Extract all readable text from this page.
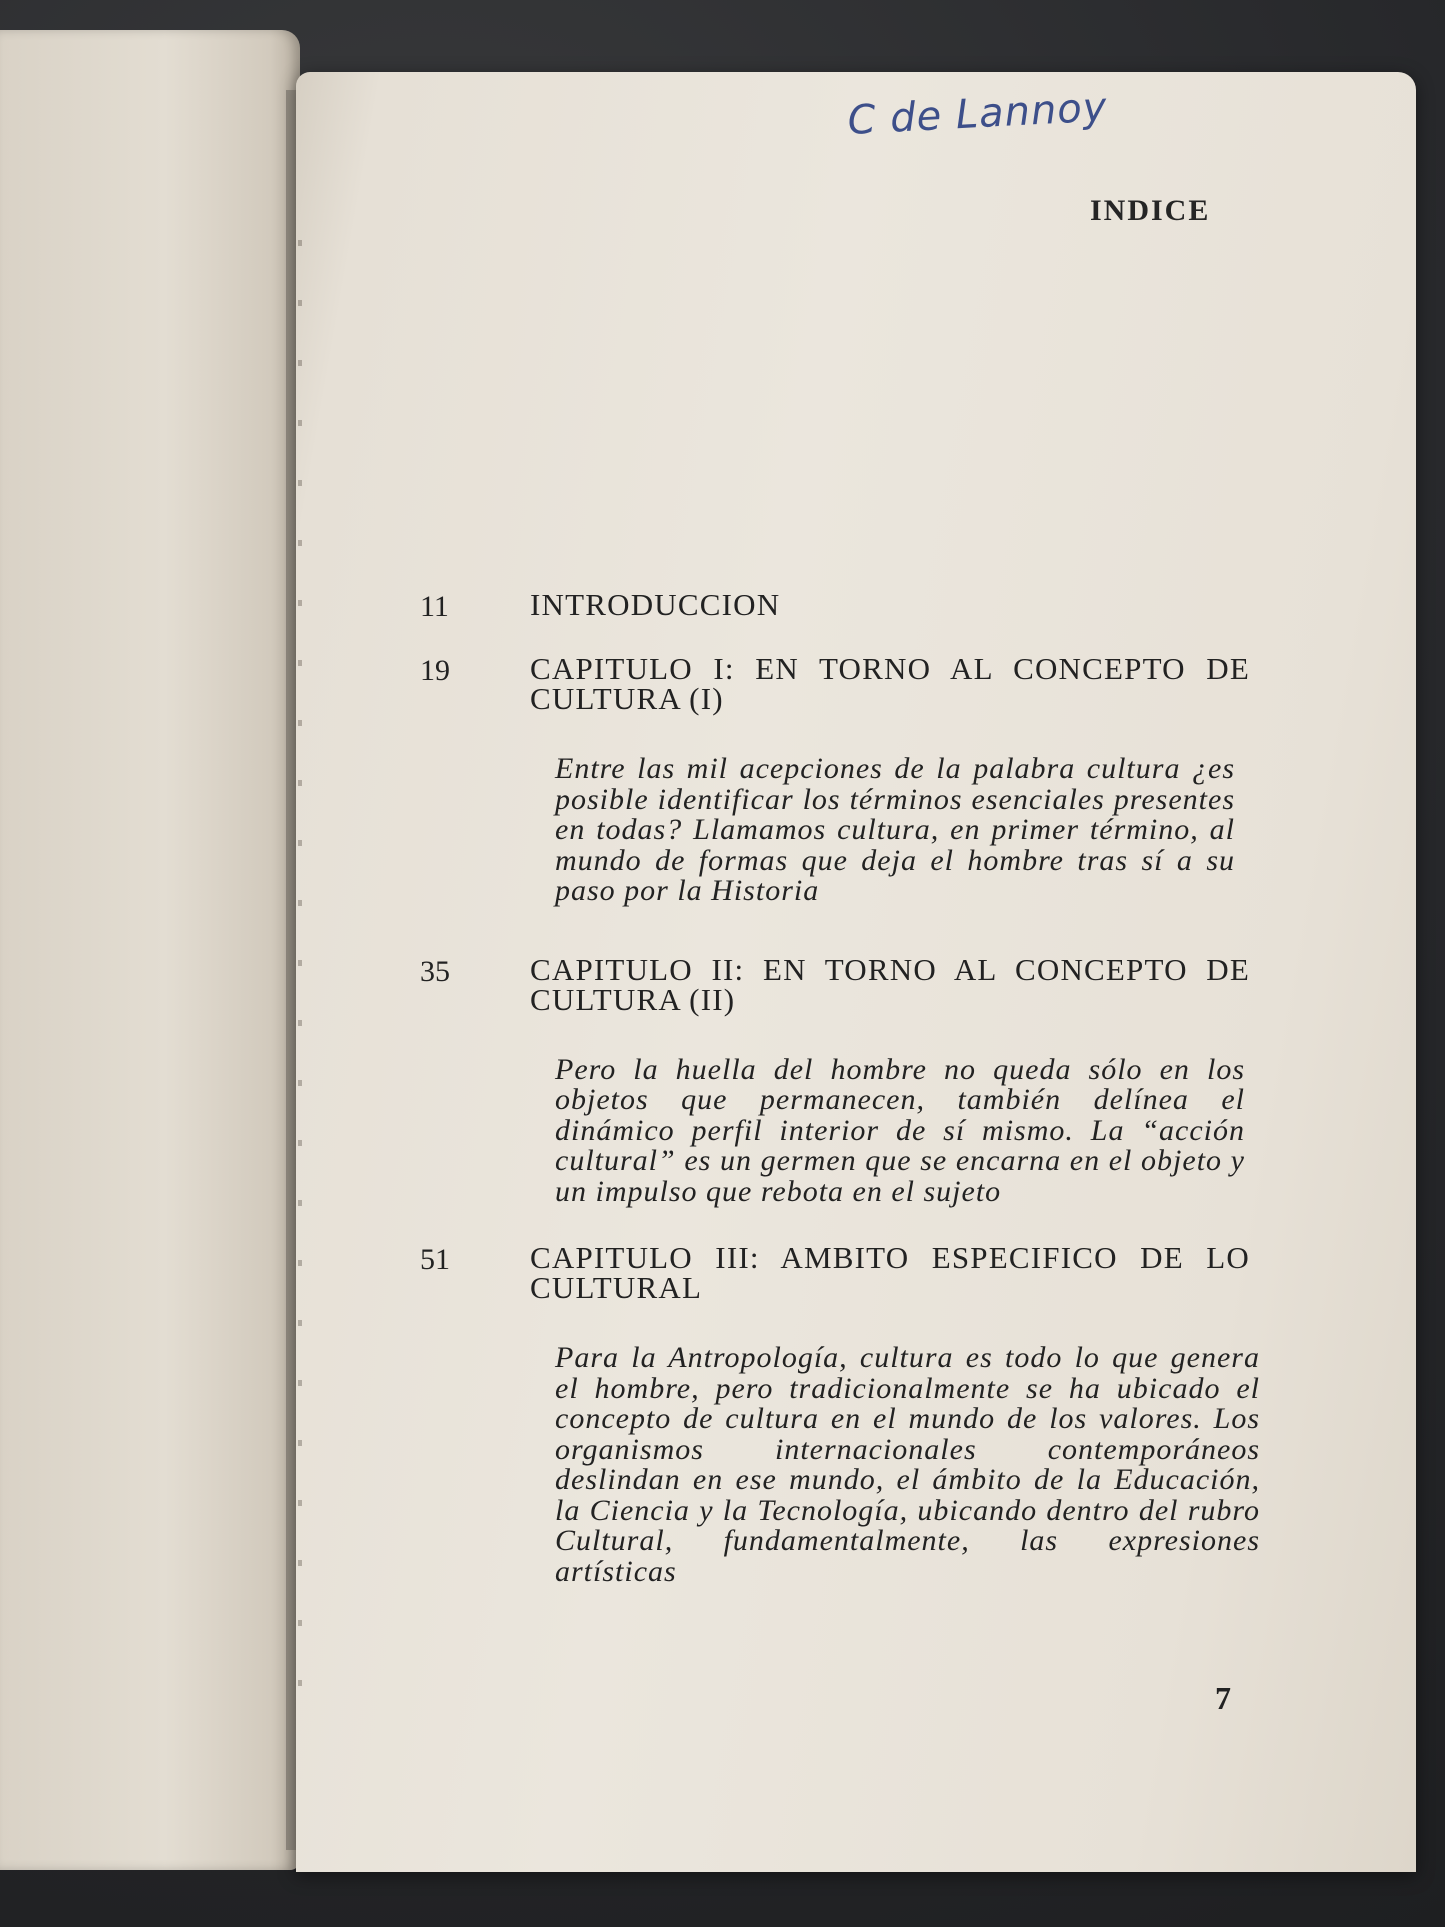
C de Lannoy
INDICE
11	INTRODUCCION
19	CAPITULO I: EN TORNO AL CONCEPTO DE CULTURA (I)
Entre las mil acepciones de la palabra cultura ¿es posible identificar los términos esenciales presentes en todas? Llamamos cultura, en primer término, al mundo de formas que deja el hombre tras sí a su paso por la Historia
35	CAPITULO II: EN TORNO AL CONCEPTO DE CULTURA (II)
Pero la huella del hombre no queda sólo en los objetos que permanecen, también delínea el dinámico perfil interior de sí mismo. La “acción cultural” es un germen que se encarna en el objeto y un impulso que rebota en el sujeto
51	CAPITULO III: AMBITO ESPECIFICO DE LO CULTURAL
Para la Antropología, cultura es todo lo que genera el hombre, pero tradicionalmente se ha ubicado el concepto de cultura en el mundo de los valores. Los organismos internacionales contemporáneos deslindan en ese mundo, el ámbito de la Educación, la Ciencia y la Tecnología, ubicando dentro del rubro Cultural, fundamentalmente, las expresiones artísticas
7
